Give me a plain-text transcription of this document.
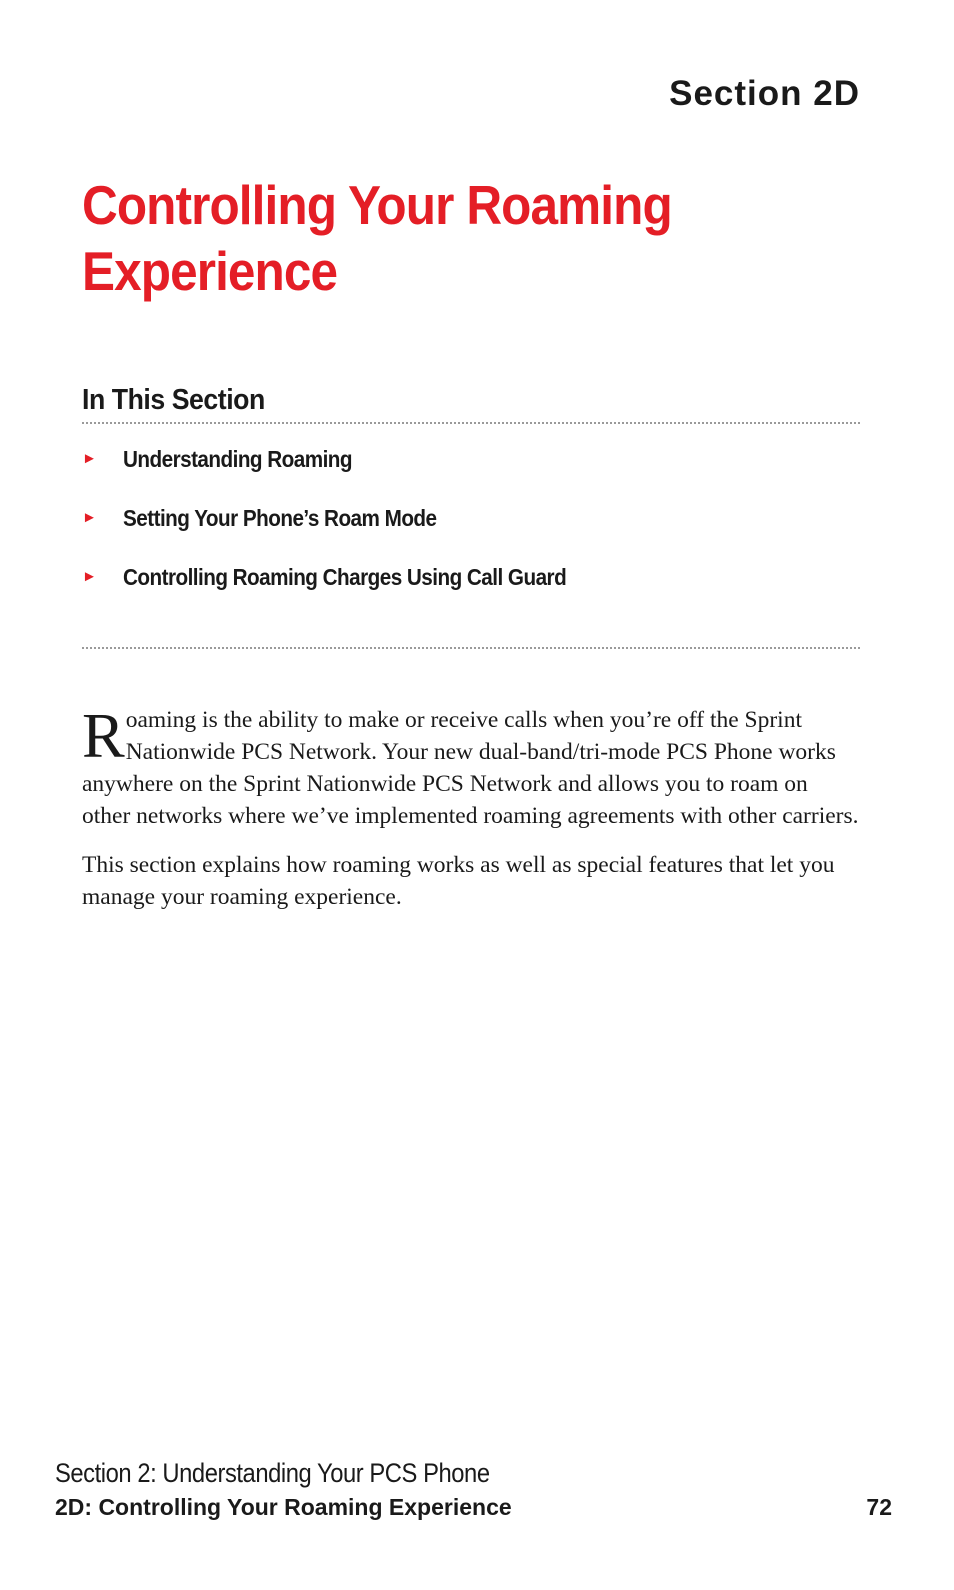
Section 2D
Controlling Your Roaming
Experience
In This Section
►	Understanding Roaming
►	Setting Your Phone’s Roam Mode
►	Controlling Roaming Charges Using Call Guard

Roaming is the ability to make or receive calls when you’re off the Sprint Nationwide PCS Network. Your new dual-band/tri-mode PCS Phone works anywhere on the Sprint Nationwide PCS Network and allows you to roam on other networks where we’ve implemented roaming agreements with other carriers.

This section explains how roaming works as well as special features that let you manage your roaming experience.

Section 2: Understanding Your PCS Phone
2D: Controlling Your Roaming Experience	72
